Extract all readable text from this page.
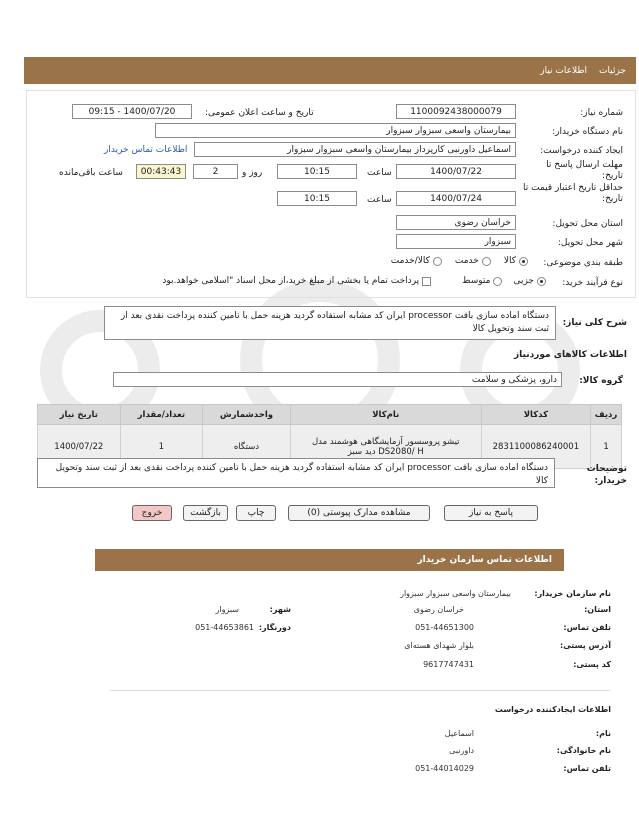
جزئیات
اطلاعات نیاز
شماره نیاز:
1100092438000079
تاریخ و ساعت اعلان عمومی:
1400/07/20 - 09:15
نام دستگاه خریدار:
بیمارستان واسعی سبزوار سبزوار
ایجاد کننده درخواست:
اسماعیل داورنبی کارپرداز بیمارستان واسعی سبزوار سبزوار
اطلاعات تماس خریدار
مهلت ارسال پاسخ تا تاریخ:
1400/07/22
ساعت
10:15
روز و
2
00:43:43
ساعت باقی‌مانده
حداقل تاریخ اعتبار قیمت تا تاریخ:
1400/07/24
ساعت
10:15
استان محل تحویل:
خراسان رضوی
شهر محل تحویل:
سبزوار
طبقه بندی موضوعی:
کالا
خدمت
کالا/خدمت
نوع فرآیند خرید:
جزیی
متوسط
پرداخت تمام یا بخشی از مبلغ خرید،از محل اسناد "اسلامی خواهد.بود
شرح کلی نیاز:
دستگاه اماده سازی بافت processor ایران کد مشابه استفاده گردید هزینه حمل با تامین کننده پرداخت نقدی بعد از ثبت سند وتحویل کالا
اطلاعات کالاهای موردنیاز
گروه کالا:
دارو، پزشکی و سلامت
ردیف	کدکالا	نام‌کالا	واحدشمارش	تعداد/مقدار	تاریخ نیاز
1	2831100086240001	تیشو پروسسور آزمایشگاهی هوشمند مدل DS2080/ H دید سبز	دستگاه	1	1400/07/22
توضیحات خریدار:
دستگاه اماده سازی بافت processor ایران کد مشابه استفاده گردید هزینه حمل با تامین کننده پرداخت نقدی بعد از ثبت سند وتحویل کالا
پاسخ به نیاز
مشاهده مدارک پیوستی (0)
چاپ
بازگشت
خروج
اطلاعات تماس سازمان خریدار
نام سازمان خریدار:
بیمارستان واسعی سبزوار سبزوار
استان:
خراسان رضوی
شهر:
سبزوار
تلفن تماس:
051-44651300
دورنگار:
051-44653861
آدرس پستی:
بلوار شهدای هسته‌ای
کد پستی:
9617747431
اطلاعات ایجادکننده درخواست
نام:
اسماعیل
نام خانوادگی:
داورنبی
تلفن تماس:
051-44014029
